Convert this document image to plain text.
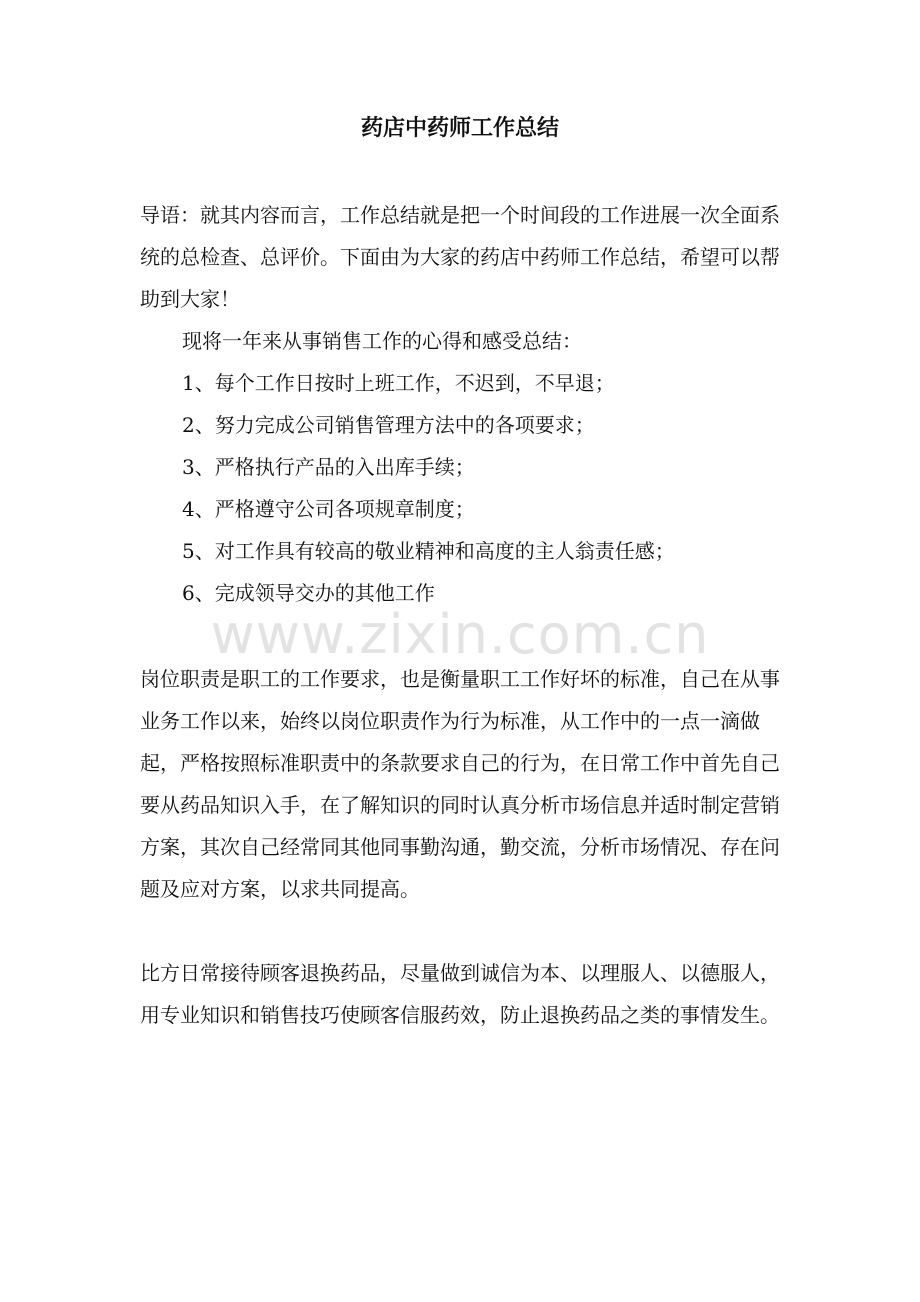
药店中药师工作总结

导语：就其内容而言，工作总结就是把一个时间段的工作进展一次全面系统的总检查、总评价。下面由为大家的药店中药师工作总结，希望可以帮助到大家！

现将一年来从事销售工作的心得和感受总结：
1、每个工作日按时上班工作，不迟到，不早退；
2、努力完成公司销售管理方法中的各项要求；
3、严格执行产品的入出库手续；
4、严格遵守公司各项规章制度；
5、对工作具有较高的敬业精神和高度的主人翁责任感；
6、完成领导交办的其他工作
www.zixin.com.cn

岗位职责是职工的工作要求，也是衡量职工工作好坏的标准，自己在从事业务工作以来，始终以岗位职责作为行为标准，从工作中的一点一滴做起，严格按照标准职责中的条款要求自己的行为，在日常工作中首先自己要从药品知识入手，在了解知识的同时认真分析市场信息并适时制定营销方案，其次自己经常同其他同事勤沟通，勤交流，分析市场情况、存在问题及应对方案，以求共同提高。

比方日常接待顾客退换药品，尽量做到诚信为本、以理服人、以德服人，用专业知识和销售技巧使顾客信服药效，防止退换药品之类的事情发生。
